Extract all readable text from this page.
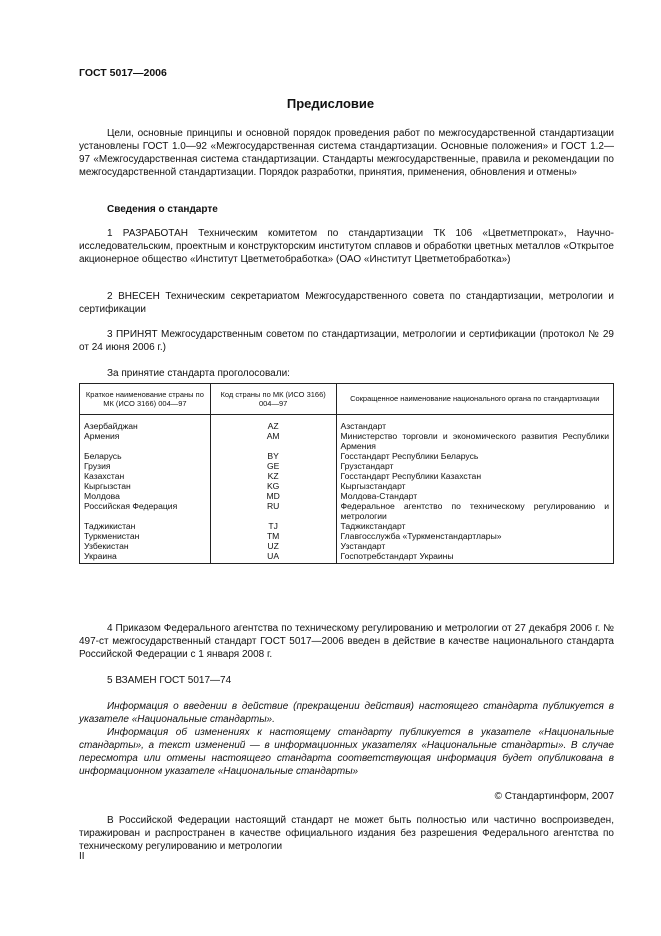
ГОСТ 5017—2006
Предисловие
Цели, основные принципы и основной порядок проведения работ по межгосударственной стандартизации установлены ГОСТ 1.0—92 «Межгосударственная система стандартизации. Основные положения» и ГОСТ 1.2—97 «Межгосударственная система стандартизации. Стандарты межгосударственные, правила и рекомендации по межгосударственной стандартизации. Порядок разработки, принятия, применения, обновления и отмены»
Сведения о стандарте
1 РАЗРАБОТАН Техническим комитетом по стандартизации ТК 106 «Цветметпрокат», Научно-исследовательским, проектным и конструкторским институтом сплавов и обработки цветных металлов «Открытое акционерное общество «Институт Цветметобработка» (ОАО «Институт Цветметобработка»)
2 ВНЕСЕН Техническим секретариатом Межгосударственного совета по стандартизации, метрологии и сертификации
3 ПРИНЯТ Межгосударственным советом по стандартизации, метрологии и сертификации (протокол № 29 от 24 июня 2006 г.)
За принятие стандарта проголосовали:
Краткое наименование страны по МК (ИСО 3166) 004—97	Код страны по МК (ИСО 3166) 004—97	Сокращенное наименование национального органа по стандартизации
Азербайджан	AZ	Азстандарт
Армения	AM	Министерство торговли и экономического развития Республики Армения
Беларусь	BY	Госстандарт Республики Беларусь
Грузия	GE	Грузстандарт
Казахстан	KZ	Госстандарт Республики Казахстан
Кыргызстан	KG	Кыргызстандарт
Молдова	MD	Молдова-Стандарт
Российская Федерация	RU	Федеральное агентство по техническому регулированию и метрологии
Таджикистан	TJ	Таджикстандарт
Туркменистан	TM	Главгосслужба «Туркменстандартлары»
Узбекистан	UZ	Узстандарт
Украина	UA	Госпотребстандарт Украины
4 Приказом Федерального агентства по техническому регулированию и метрологии от 27 декабря 2006 г. № 497-ст межгосударственный стандарт ГОСТ 5017—2006 введен в действие в качестве национального стандарта Российской Федерации с 1 января 2008 г.
5 ВЗАМЕН ГОСТ 5017—74
Информация о введении в действие (прекращении действия) настоящего стандарта публикуется в указателе «Национальные стандарты».
Информация об изменениях к настоящему стандарту публикуется в указателе «Национальные стандарты», а текст изменений — в информационных указателях «Национальные стандарты». В случае пересмотра или отмены настоящего стандарта соответствующая информация будет опубликована в информационном указателе «Национальные стандарты»
© Стандартинформ, 2007
В Российской Федерации настоящий стандарт не может быть полностью или частично воспроизведен, тиражирован и распространен в качестве официального издания без разрешения Федерального агентства по техническому регулированию и метрологии
II
